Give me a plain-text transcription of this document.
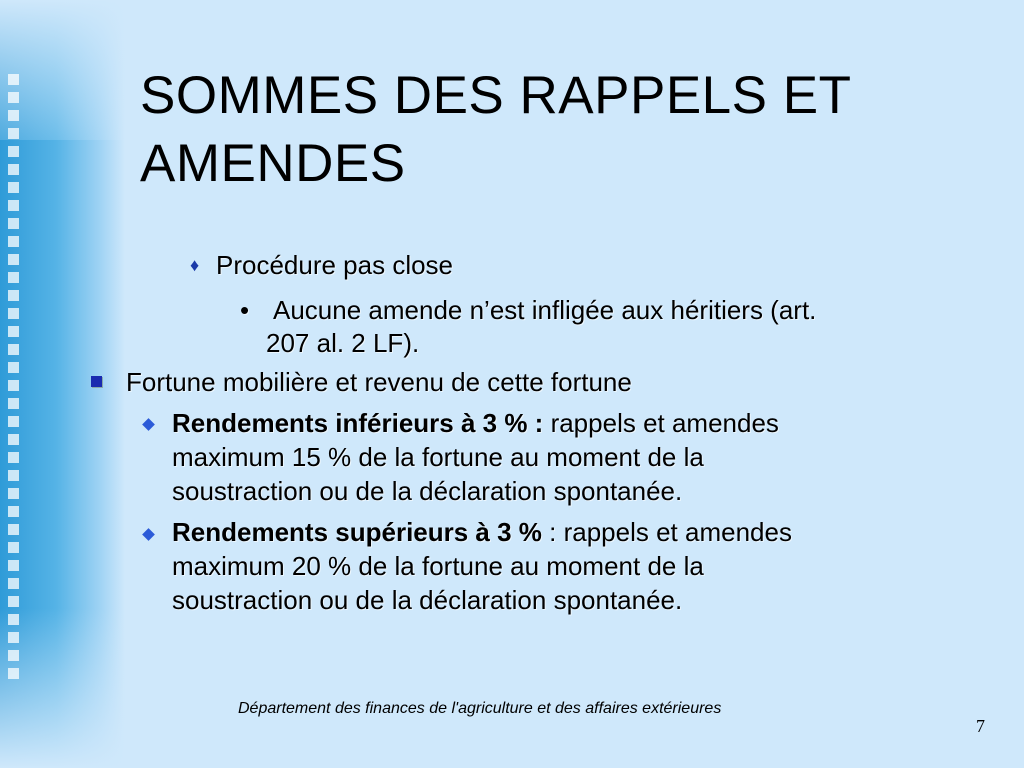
SOMMES DES RAPPELS ET
AMENDES
♦ Procédure pas close
• Aucune amende n’est infligée aux héritiers (art.
207 al. 2 LF).
Fortune mobilière et revenu de cette fortune
Rendements inférieurs à 3 % : rappels et amendes
maximum 15 % de la fortune au moment de la
soustraction ou de la déclaration spontanée.
Rendements supérieurs à 3 % : rappels et amendes
maximum 20 % de la fortune au moment de la
soustraction ou de la déclaration spontanée.
Département des finances de l'agriculture et des affaires extérieures
7
